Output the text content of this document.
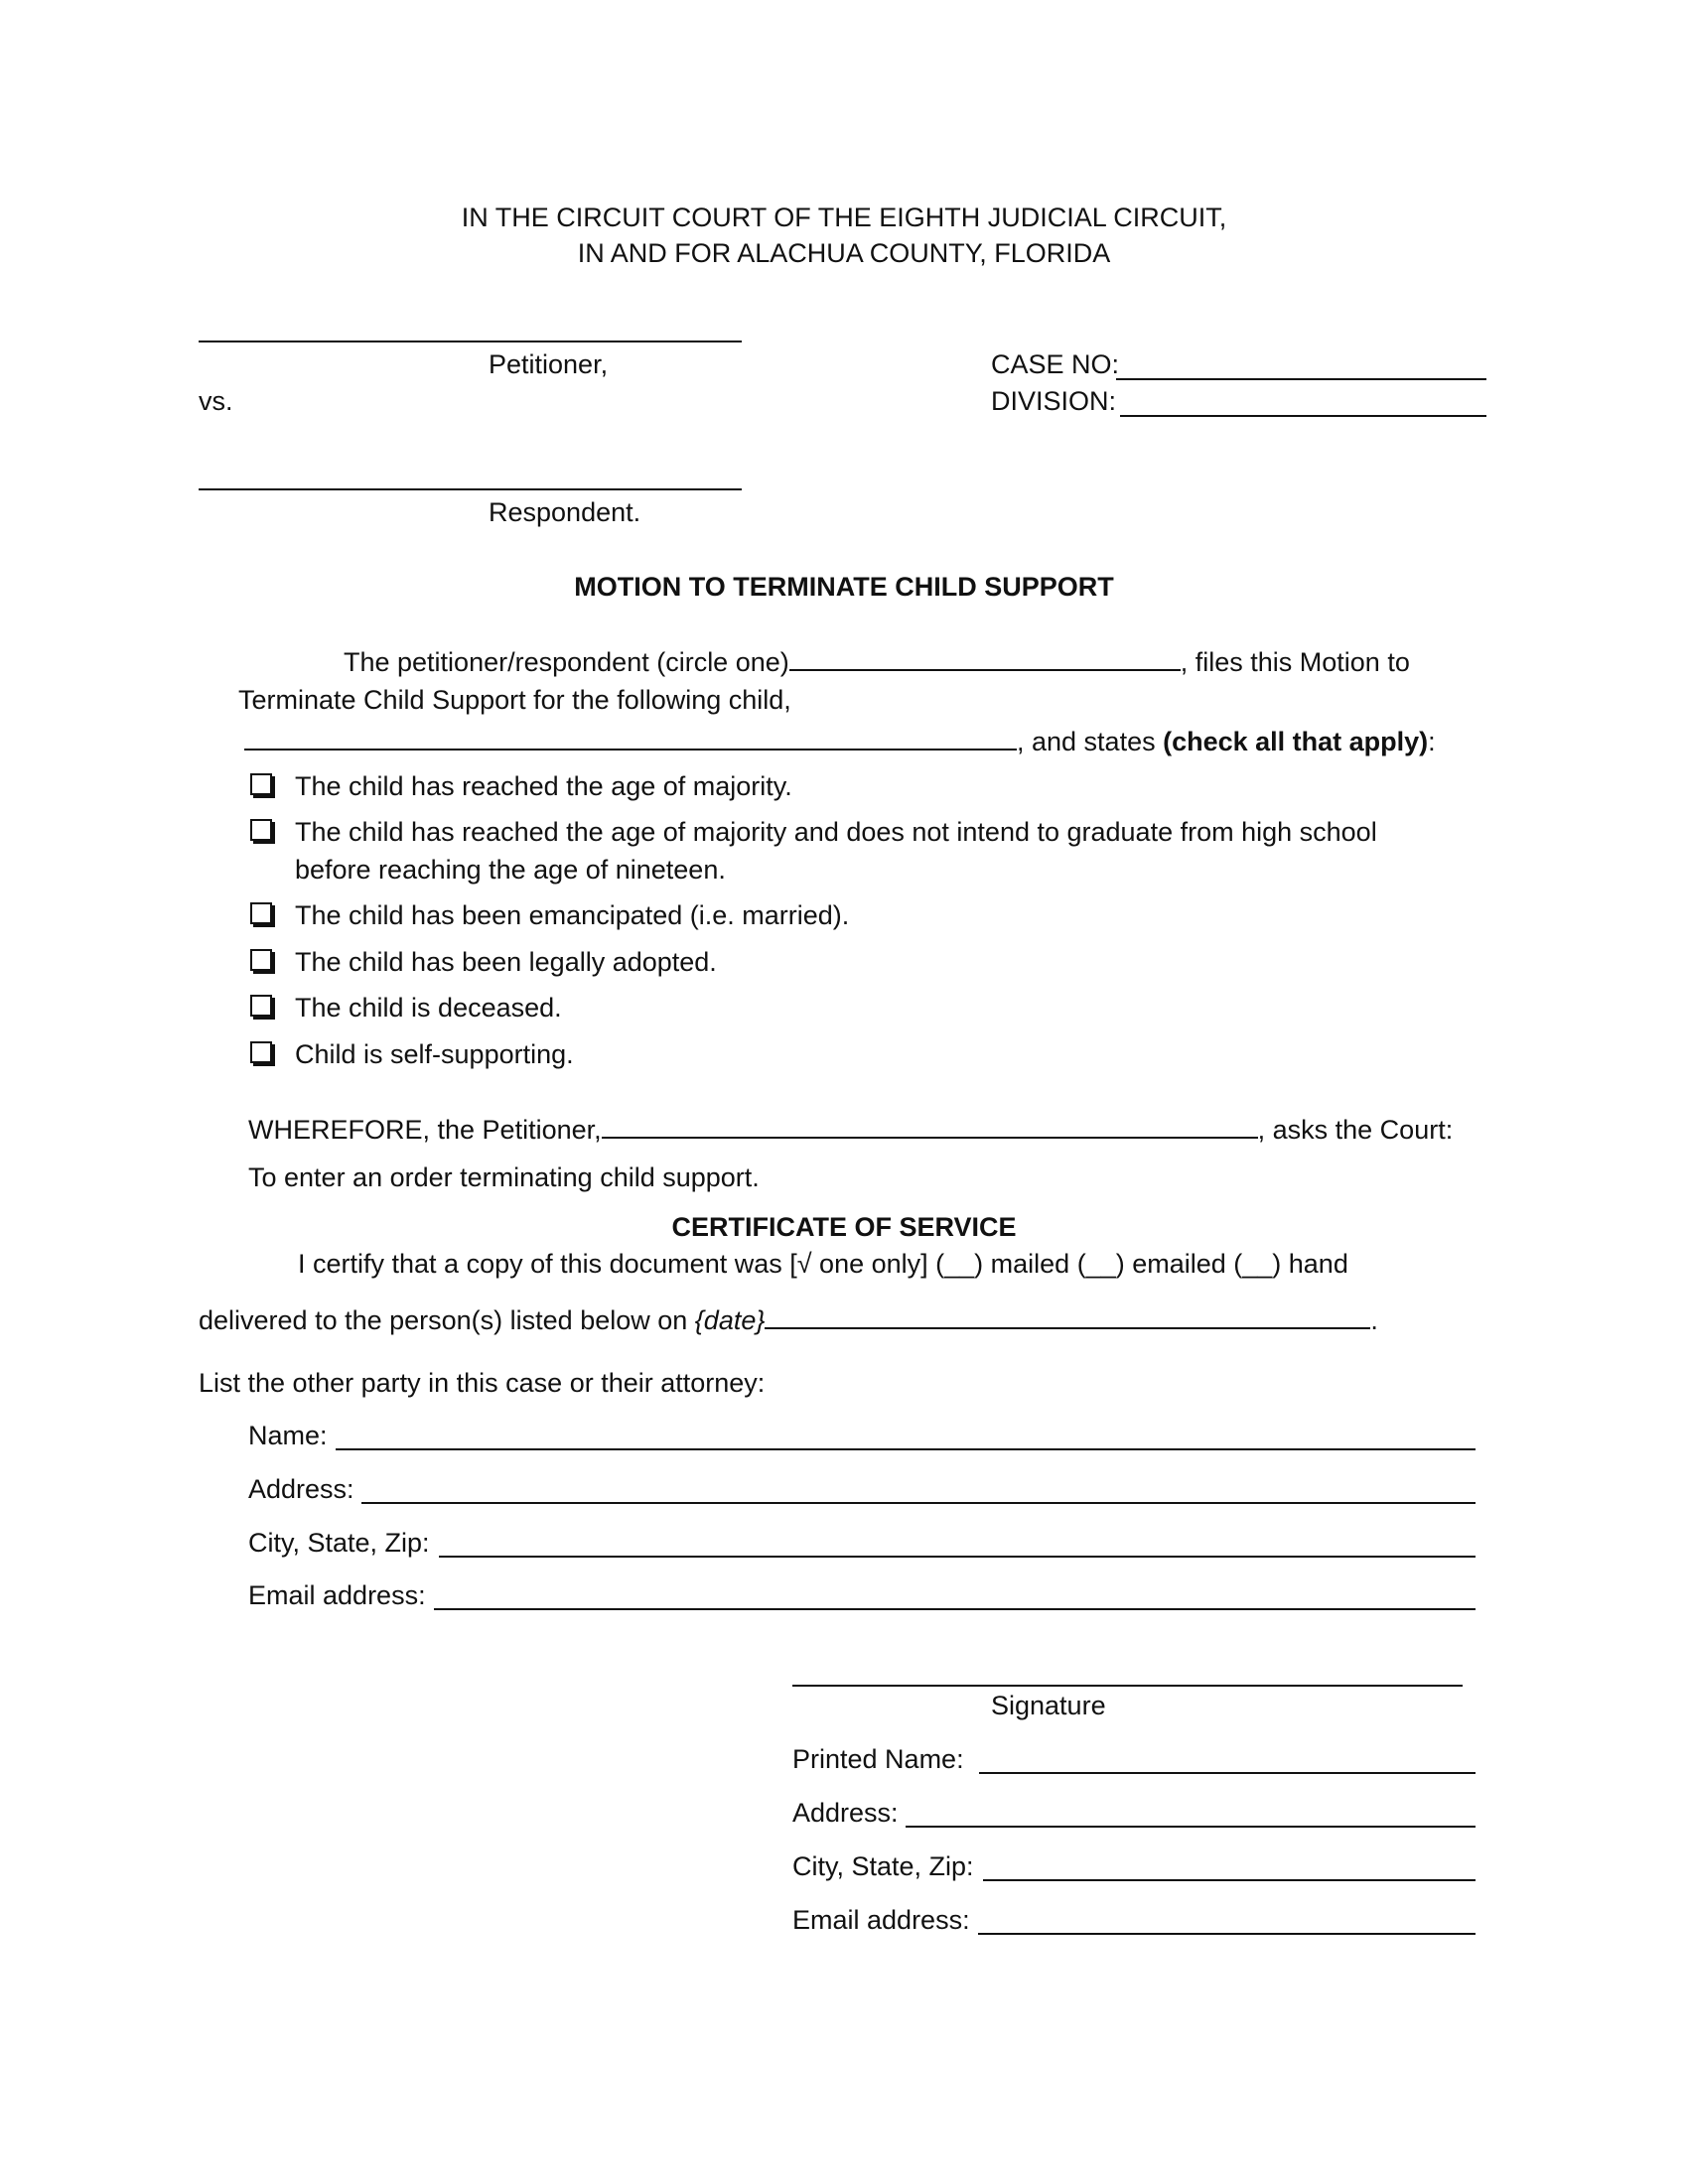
IN THE CIRCUIT COURT OF THE EIGHTH JUDICIAL CIRCUIT,
IN AND FOR ALACHUA COUNTY, FLORIDA
Petitioner,
vs.
Respondent.
CASE NO:
DIVISION:
MOTION TO TERMINATE CHILD SUPPORT
The petitioner/respondent (circle one)	, files this Motion to
Terminate Child Support for the following child,
, and states (check all that apply):
The child has reached the age of majority.
The child has reached the age of majority and does not intend to graduate from high school
before reaching the age of nineteen.
The child has been emancipated (i.e. married).
The child has been legally adopted.
The child is deceased.
Child is self-supporting.
WHEREFORE, the Petitioner,	, asks the Court:
To enter an order terminating child support.
CERTIFICATE OF SERVICE
I certify that a copy of this document was [√ one only] (__) mailed (__) emailed (__) hand
delivered to the person(s) listed below on {date}	.
List the other party in this case or their attorney:
Name:
Address:
City, State, Zip:
Email address:
Signature
Printed Name:
Address:
City, State, Zip:
Email address:
